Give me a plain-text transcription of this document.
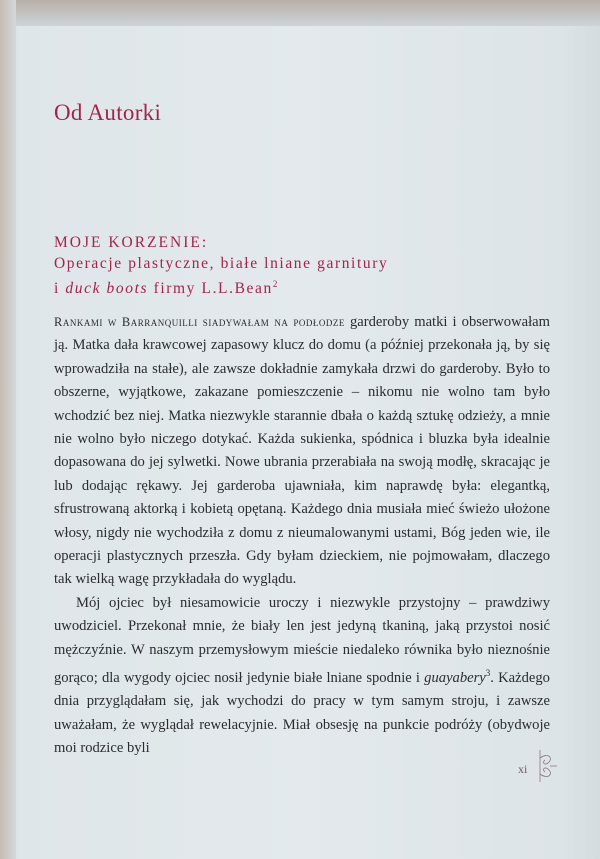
Od Autorki
MOJE KORZENIE:
Operacje plastyczne, białe lniane garnitury
i duck boots firmy L.L.Bean$^2$

Rankami w Barranquilli siadywałam na podłodze garderoby matki i obserwowałam ją. Matka dała krawcowej zapasowy klucz do domu (a później przekonała ją, by się wprowadziła na stałe), ale zawsze dokładnie zamykała drzwi do garderoby. Było to obszerne, wyjątkowe, zakazane pomieszczenie – nikomu nie wolno tam było wchodzić bez niej. Matka niezwykle starannie dbała o każdą sztukę odzieży, a mnie nie wolno było niczego dotykać. Każda sukienka, spódnica i bluzka była idealnie dopasowana do jej sylwetki. Nowe ubrania przerabiała na swoją modłę, skracając je lub dodając rękawy. Jej garderoba ujawniała, kim naprawdę była: elegantką, sfrustrowaną aktorką i kobietą opętaną. Każdego dnia musiała mieć świeżo ułożone włosy, nigdy nie wychodziła z domu z nieumalowanymi ustami, Bóg jeden wie, ile operacji plastycznych przeszła. Gdy byłam dzieckiem, nie pojmowałam, dlaczego tak wielką wagę przykładała do wyglądu.

Mój ojciec był niesamowicie uroczy i niezwykle przystojny – prawdziwy uwodziciel. Przekonał mnie, że biały len jest jedyną tkaniną, jaką przystoi nosić mężczyźnie. W naszym przemysłowym mieście niedaleko równika było nieznośnie gorąco; dla wygody ojciec nosił jedynie białe lniane spodnie i guayabery$^3$. Każdego dnia przyglądałam się, jak wychodzi do pracy w tym samym stroju, i zawsze uważałam, że wyglądał rewelacyjnie. Miał obsesję na punkcie podróży (obydwoje moi rodzice byli

xi
